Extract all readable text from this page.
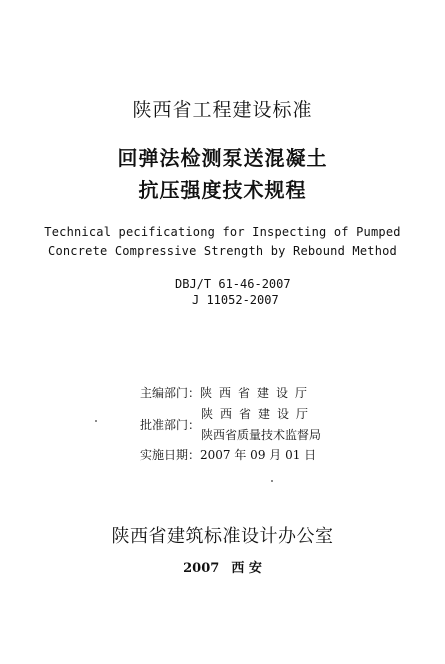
陕西省工程建设标准
回弹法检测泵送混凝土
抗压强度技术规程
Technical pecificationg for Inspecting of Pumped
Concrete Compressive Strength by Rebound Method
DBJ/T 61-46-2007
J 11052-2007
主编部门：陕西省建设厅
批准部门：
陕西省建设厅
陕西省质量技术监督局
实施日期：2007 年 09 月 01 日
陕西省建筑标准设计办公室
2007 西 安
